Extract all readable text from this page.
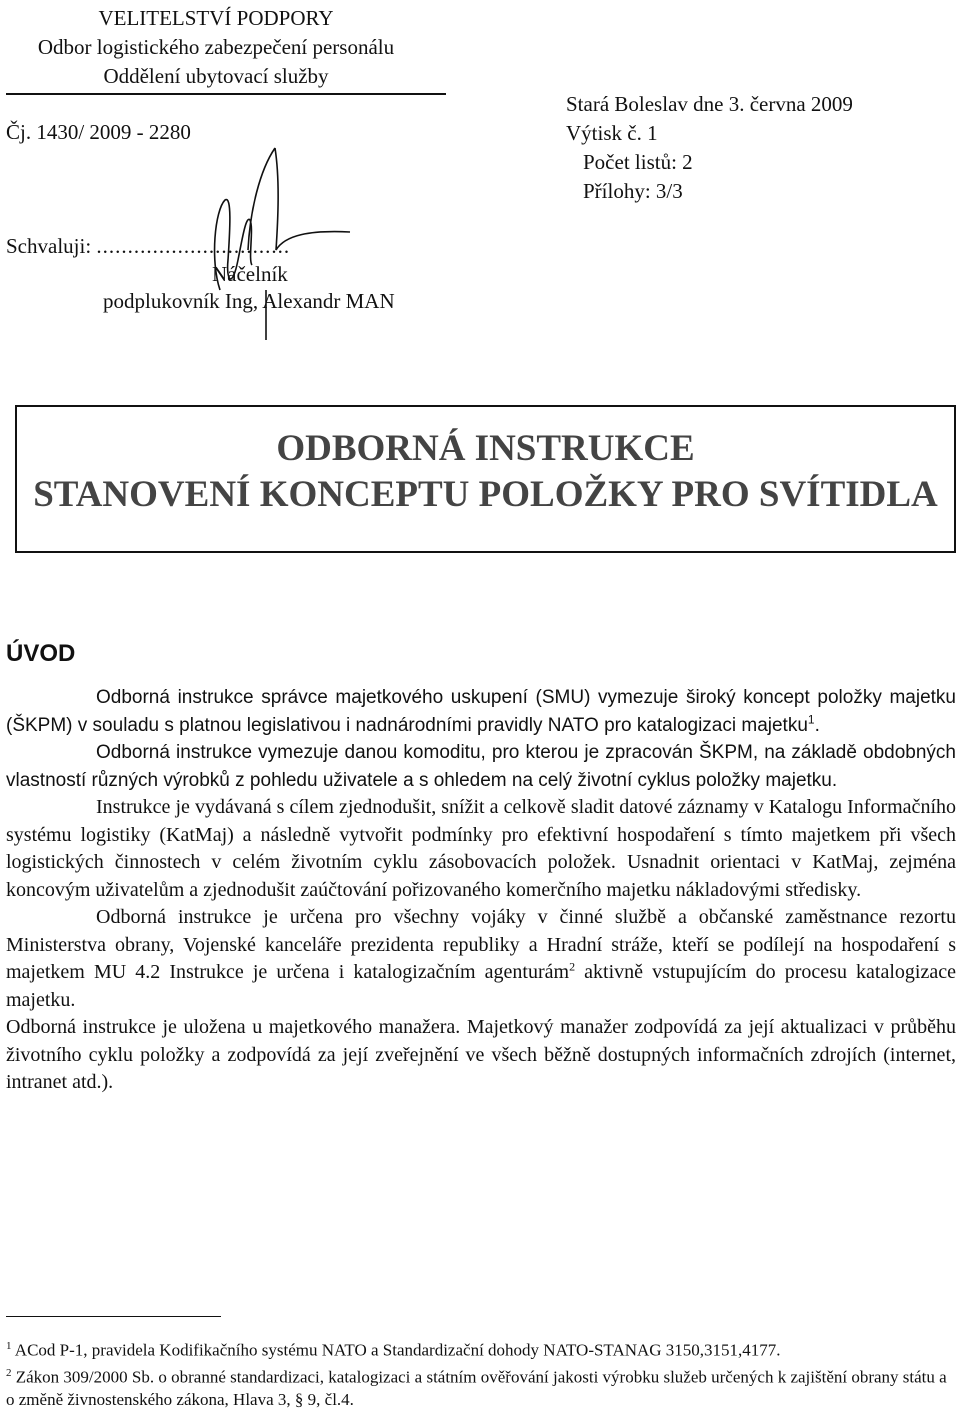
VELITELSTVÍ PODPORY
Odbor logistického zabezpečení personálu
Oddělení ubytovací služby
Čj. 1430/ 2009 - 2280
Stará Boleslav dne 3. června 2009
Výtisk č. 1
Počet listů: 2
Přílohy: 3/3
Schvaluji: ...............................
Náčelník
podplukovník Ing, Alexandr MAN
ODBORNÁ INSTRUKCE
STANOVENÍ KONCEPTU POLOŽKY PRO SVÍTIDLA
ÚVOD

Odborná instrukce správce majetkového uskupení (SMU) vymezuje široký koncept položky majetku (ŠKPM) v souladu s platnou legislativou i nadnárodními pravidly NATO pro katalogizaci majetku$^1$.

Odborná instrukce vymezuje danou komoditu, pro kterou je zpracován ŠKPM, na základě obdobných vlastností různých výrobků z pohledu uživatele a s ohledem na celý životní cyklus položky majetku.

Instrukce je vydávaná s cílem zjednodušit, snížit a celkově sladit datové záznamy v Katalogu Informačního systému logistiky (KatMaj) a následně vytvořit podmínky pro efektivní hospodaření s tímto majetkem při všech logistických činnostech v celém životním cyklu zásobovacích položek. Usnadnit orientaci v KatMaj, zejména koncovým uživatelům a zjednodušit zaúčtování pořizovaného komerčního majetku nákladovými středisky.

Odborná instrukce je určena pro všechny vojáky v činné službě a občanské zaměstnance rezortu Ministerstva obrany, Vojenské kanceláře prezidenta republiky a Hradní stráže, kteří se podílejí na hospodaření s majetkem MU 4.2 Instrukce je určena i katalogizačním agenturám$^2$ aktivně vstupujícím do procesu katalogizace majetku.

Odborná instrukce je uložena u majetkového manažera. Majetkový manažer zodpovídá za její aktualizaci v průběhu životního cyklu položky a zodpovídá za její zveřejnění ve všech běžně dostupných informačních zdrojích (internet, intranet atd.).

$^1$ ACod P-1, pravidela Kodifikačního systému NATO a Standardizační dohody NATO-STANAG 3150,3151,4177.

$^2$ Zákon 309/2000 Sb. o obranné standardizaci, katalogizaci a státním ověřování jakosti výrobku služeb určených k zajištění obrany státu a o změně živnostenského zákona, Hlava 3, § 9, čl.4.
